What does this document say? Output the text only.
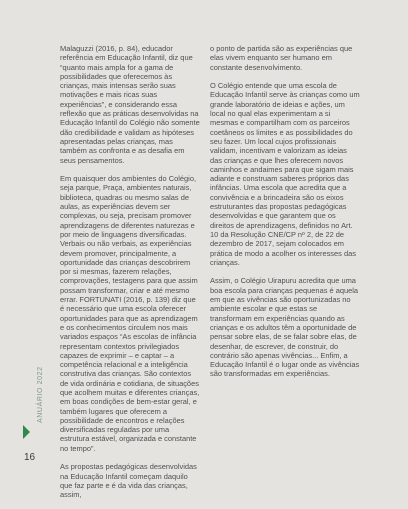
ANUÁRIO 2022
16

Malaguzzi (2016, p. 84), educador referência em Educação Infantil, diz que “quanto mais ampla for a gama de possibilidades que oferecemos às crianças, mais intensas serão suas motivações e mais ricas suas experiências”, e considerando essa reflexão que as práticas desenvolvidas na Educação Infantil do Colégio não somente dão credibilidade e validam as hipóteses apresentadas pelas crianças, mas também as confronta e as desafia em seus pensamentos.

Em quaisquer dos ambientes do Colégio, seja parque, Praça, ambientes naturais, biblioteca, quadras ou mesmo salas de aulas, as experiências devem ser complexas, ou seja, precisam promover aprendizagens de diferentes naturezas e por meio de linguagens diversificadas. Verbais ou não verbais, as experiências devem promover, principalmente, a oportunidade das crianças descobrirem por si mesmas, fazerem relações, comprovações, testagens para que assim possam transformar, criar e até mesmo errar. FORTUNATI (2016, p. 139) diz que é necessário que uma escola oferecer oportunidades para que as aprendizagem e os conhecimentos circulem nos mais variados espaços “As escolas de infância representam contextos privilegiados capazes de exprimir – e captar – a competência relacional e a inteligência construtiva das crianças. São contextos de vida ordinária e cotidiana, de situações que acolhem muitas e diferentes crianças, em boas condições de bem-estar geral, e também lugares que oferecem a possibilidade de encontros e relações diversificadas reguladas por uma estrutura estável, organizada e constante no tempo”.

As propostas pedagógicas desenvolvidas na Educação Infantil começam daquilo que faz parte e é da vida das crianças, assim,

o ponto de partida são as experiências que elas vivem enquanto ser humano em constante desenvolvimento.

O Colégio entende que uma escola de Educação Infantil serve às crianças como um grande laboratório de ideias e ações, um local no qual elas experimentam a si mesmas e compartilham com os parceiros coetâneos os limites e as possibilidades do seu fazer. Um local cujos profissionais validam, incentivam e valorizam as ideias das crianças e que lhes oferecem novos caminhos e andaimes para que sigam mais adiante e construam saberes próprios das infâncias. Uma escola que acredita que a convivência e a brincadeira são os eixos estruturantes das propostas pedagógicas desenvolvidas e que garantem que os direitos de aprendizagens, definidos no Art. 10 da Resolução CNE/CP nº 2, de 22 de dezembro de 2017, sejam colocados em prática de modo a acolher os interesses das crianças.

Assim, o Colégio Uirapuru acredita que uma boa escola para crianças pequenas é aquela em que as vivências são oportunizadas no ambiente escolar e que estas se transformam em experiências quando as crianças e os adultos têm a oportunidade de pensar sobre elas, de se falar sobre elas, de desenhar, de escrever, de construir, do contrário são apenas vivências... Enfim, a Educação Infantil é o lugar onde as vivências são transformadas em experiências.
